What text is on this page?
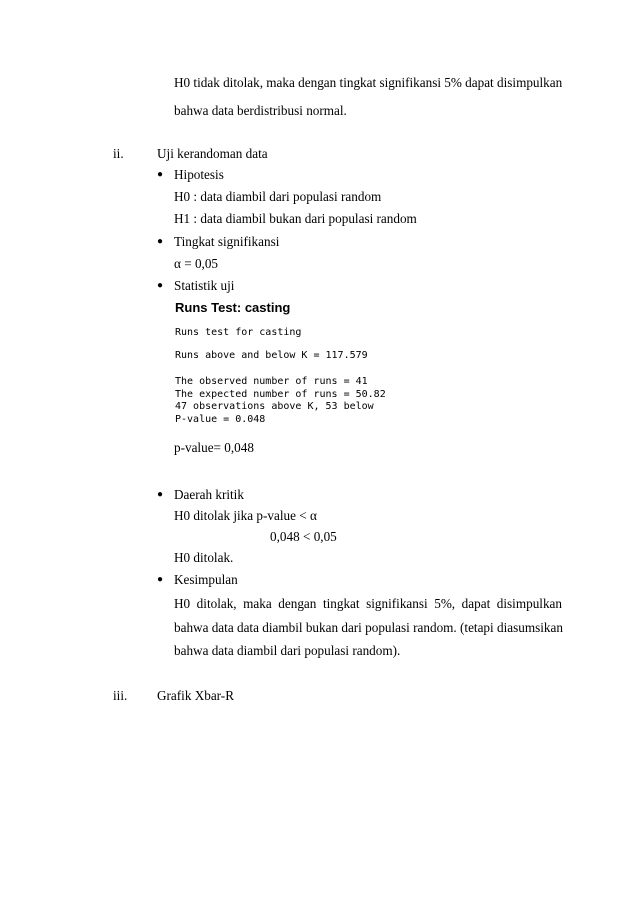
H0 tidak ditolak, maka dengan tingkat signifikansi 5% dapat disimpulkan
bahwa data berdistribusi normal.
ii.	Uji kerandoman data
● Hipotesis
H0 : data diambil dari populasi random
H1 : data diambil bukan dari populasi random
● Tingkat signifikansi
α = 0,05
● Statistik uji
Runs Test: casting
Runs test for casting
Runs above and below K = 117.579
The observed number of runs = 41
The expected number of runs = 50.82
47 observations above K, 53 below
P-value = 0.048
p-value= 0,048
● Daerah kritik
H0 ditolak jika p-value < α
0,048 < 0,05
H0 ditolak.
● Kesimpulan
H0 ditolak, maka dengan tingkat signifikansi 5%, dapat disimpulkan
bahwa data data diambil bukan dari populasi random. (tetapi diasumsikan
bahwa data diambil dari populasi random).
iii. Grafik Xbar-R
